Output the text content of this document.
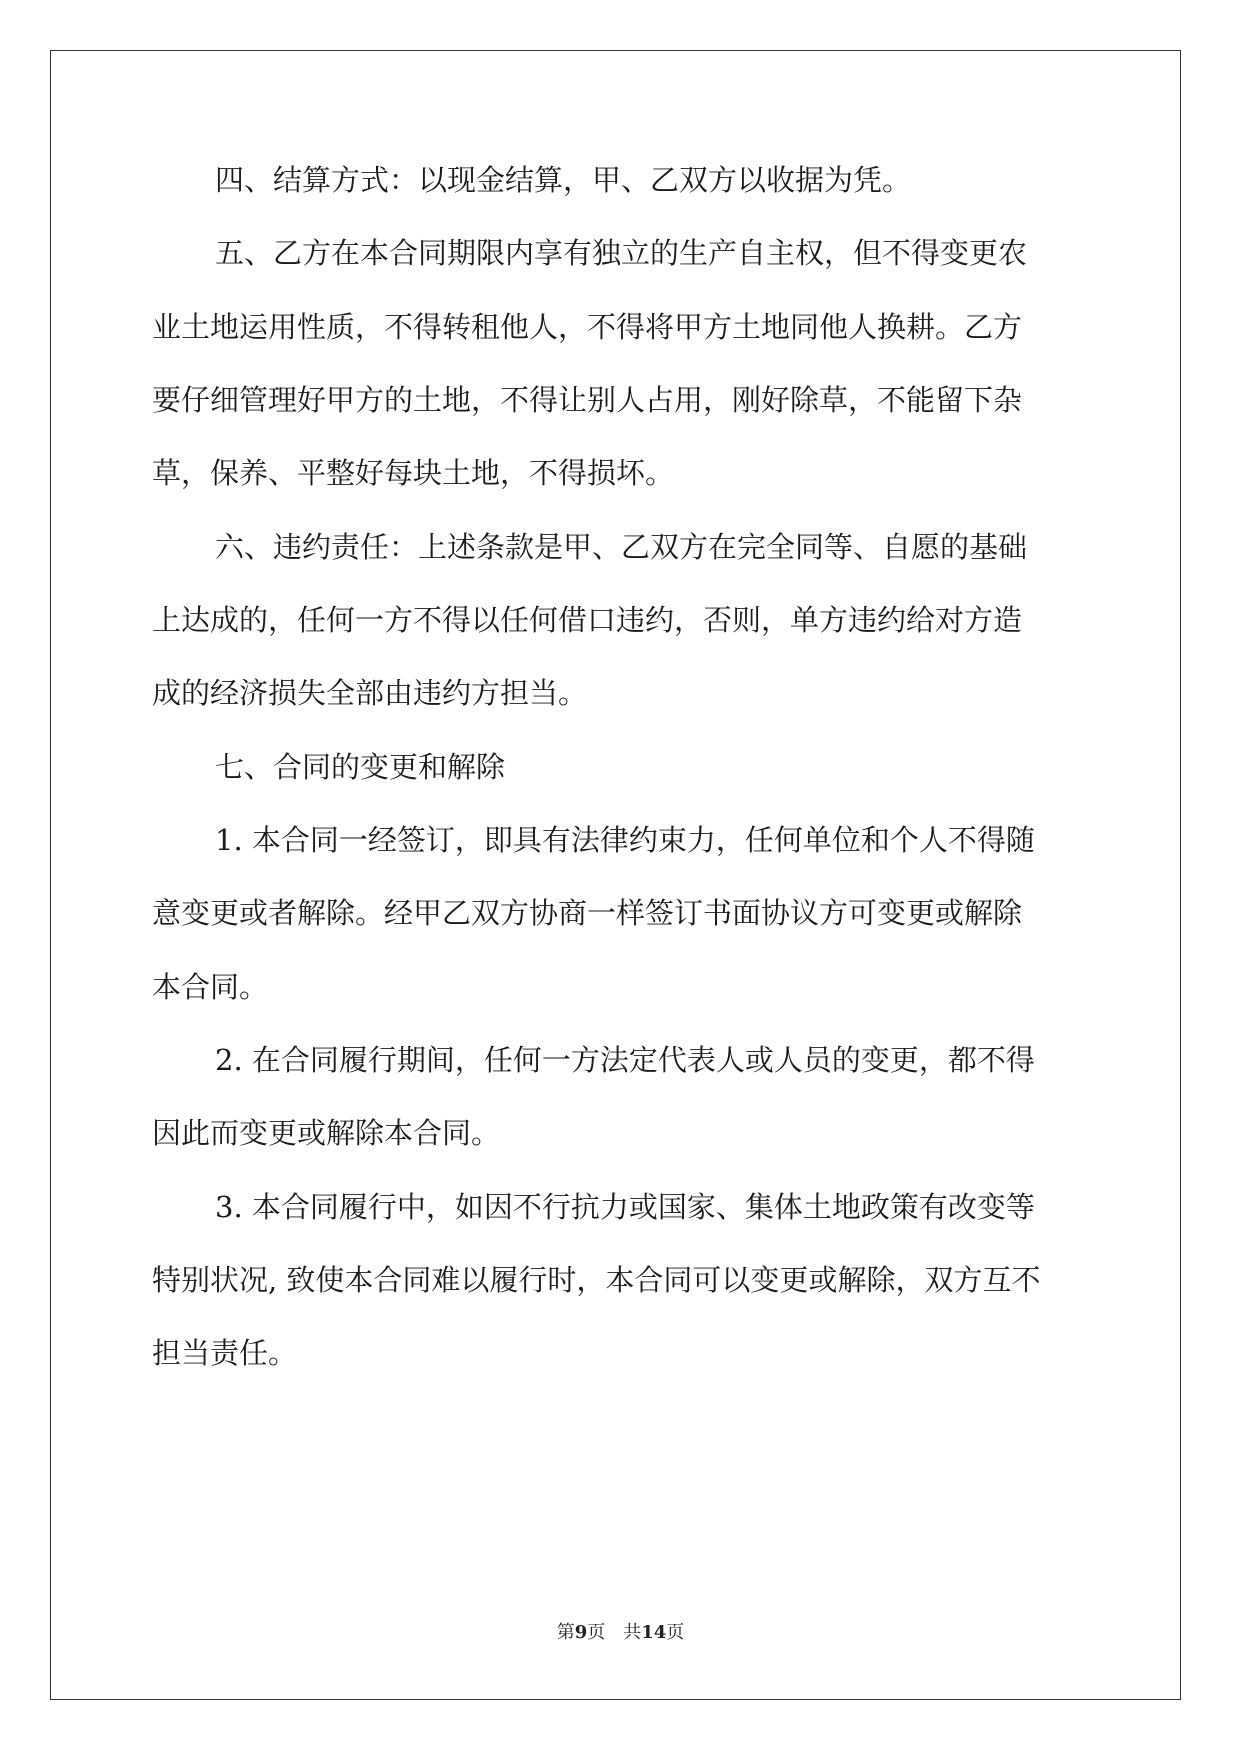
四、结算方式：以现金结算，甲、乙双方以收据为凭。
五、乙方在本合同期限内享有独立的生产自主权，但不得变更农
业土地运用性质，不得转租他人，不得将甲方土地同他人换耕。乙方
要仔细管理好甲方的土地，不得让别人占用，刚好除草，不能留下杂
草，保养、平整好每块土地，不得损坏。
六、违约责任：上述条款是甲、乙双方在完全同等、自愿的基础
上达成的，任何一方不得以任何借口违约，否则，单方违约给对方造
成的经济损失全部由违约方担当。
七、合同的变更和解除
1. 本合同一经签订，即具有法律约束力，任何单位和个人不得随
意变更或者解除。经甲乙双方协商一样签订书面协议方可变更或解除
本合同。
2. 在合同履行期间，任何一方法定代表人或人员的变更，都不得
因此而变更或解除本合同。
3. 本合同履行中，如因不行抗力或国家、集体土地政策有改变等
特别状况, 致使本合同难以履行时，本合同可以变更或解除，双方互不
担当责任。
第9页 共14页
